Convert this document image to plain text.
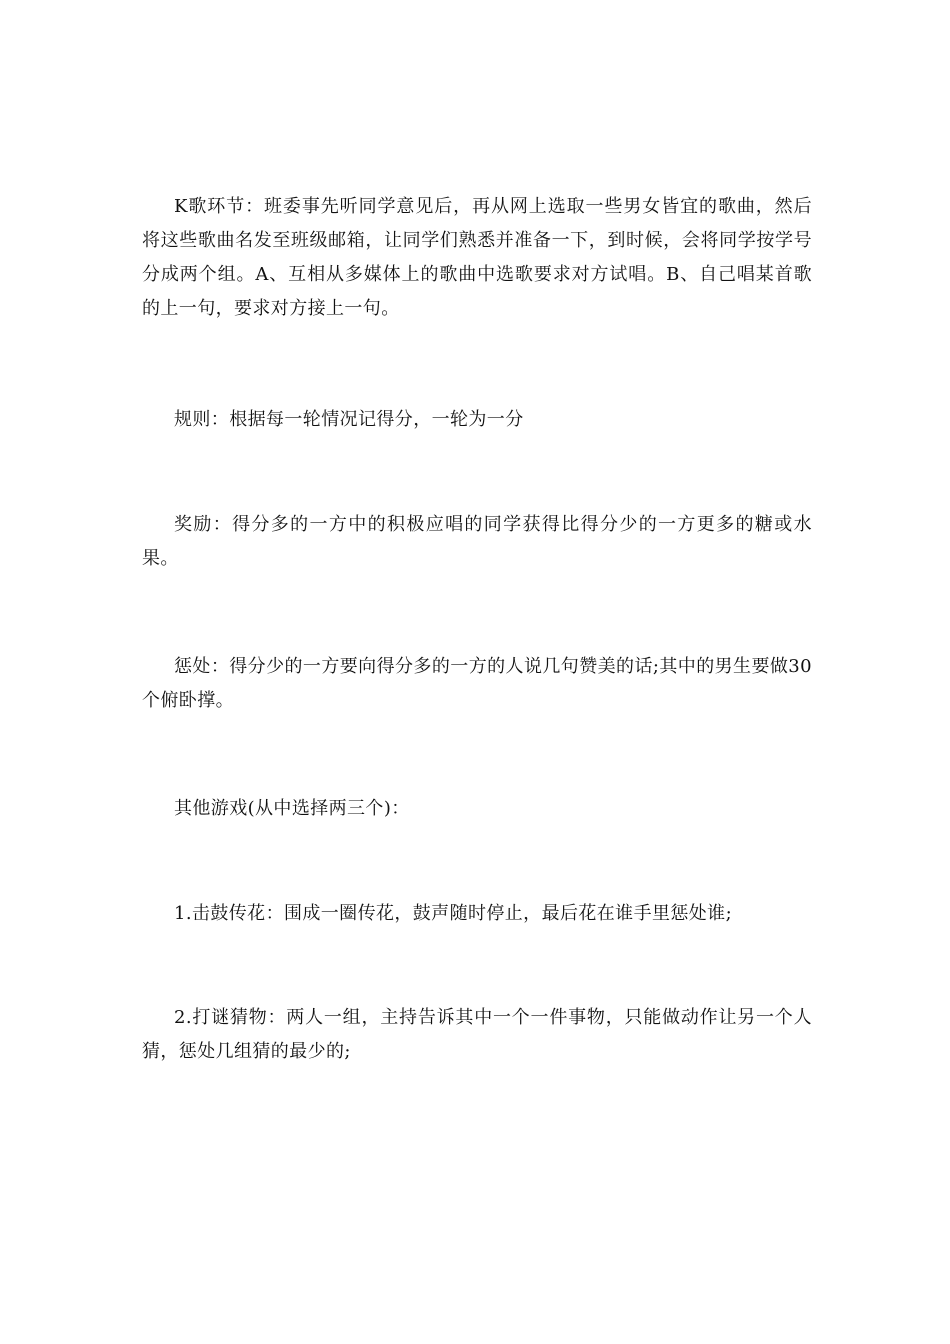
K歌环节：班委事先听同学意见后，再从网上选取一些男女皆宜的歌曲，然后将这些歌曲名发至班级邮箱，让同学们熟悉并准备一下，到时候，会将同学按学号分成两个组。A、互相从多媒体上的歌曲中选歌要求对方试唱。B、自己唱某首歌的上一句，要求对方接上一句。

规则：根据每一轮情况记得分，一轮为一分

奖励：得分多的一方中的积极应唱的同学获得比得分少的一方更多的糖或水果。

惩处：得分少的一方要向得分多的一方的人说几句赞美的话;其中的男生要做30个俯卧撑。

其他游戏(从中选择两三个)：

1.击鼓传花：围成一圈传花，鼓声随时停止，最后花在谁手里惩处谁;

2.打谜猜物：两人一组，主持告诉其中一个一件事物，只能做动作让另一个人猜，惩处几组猜的最少的;
